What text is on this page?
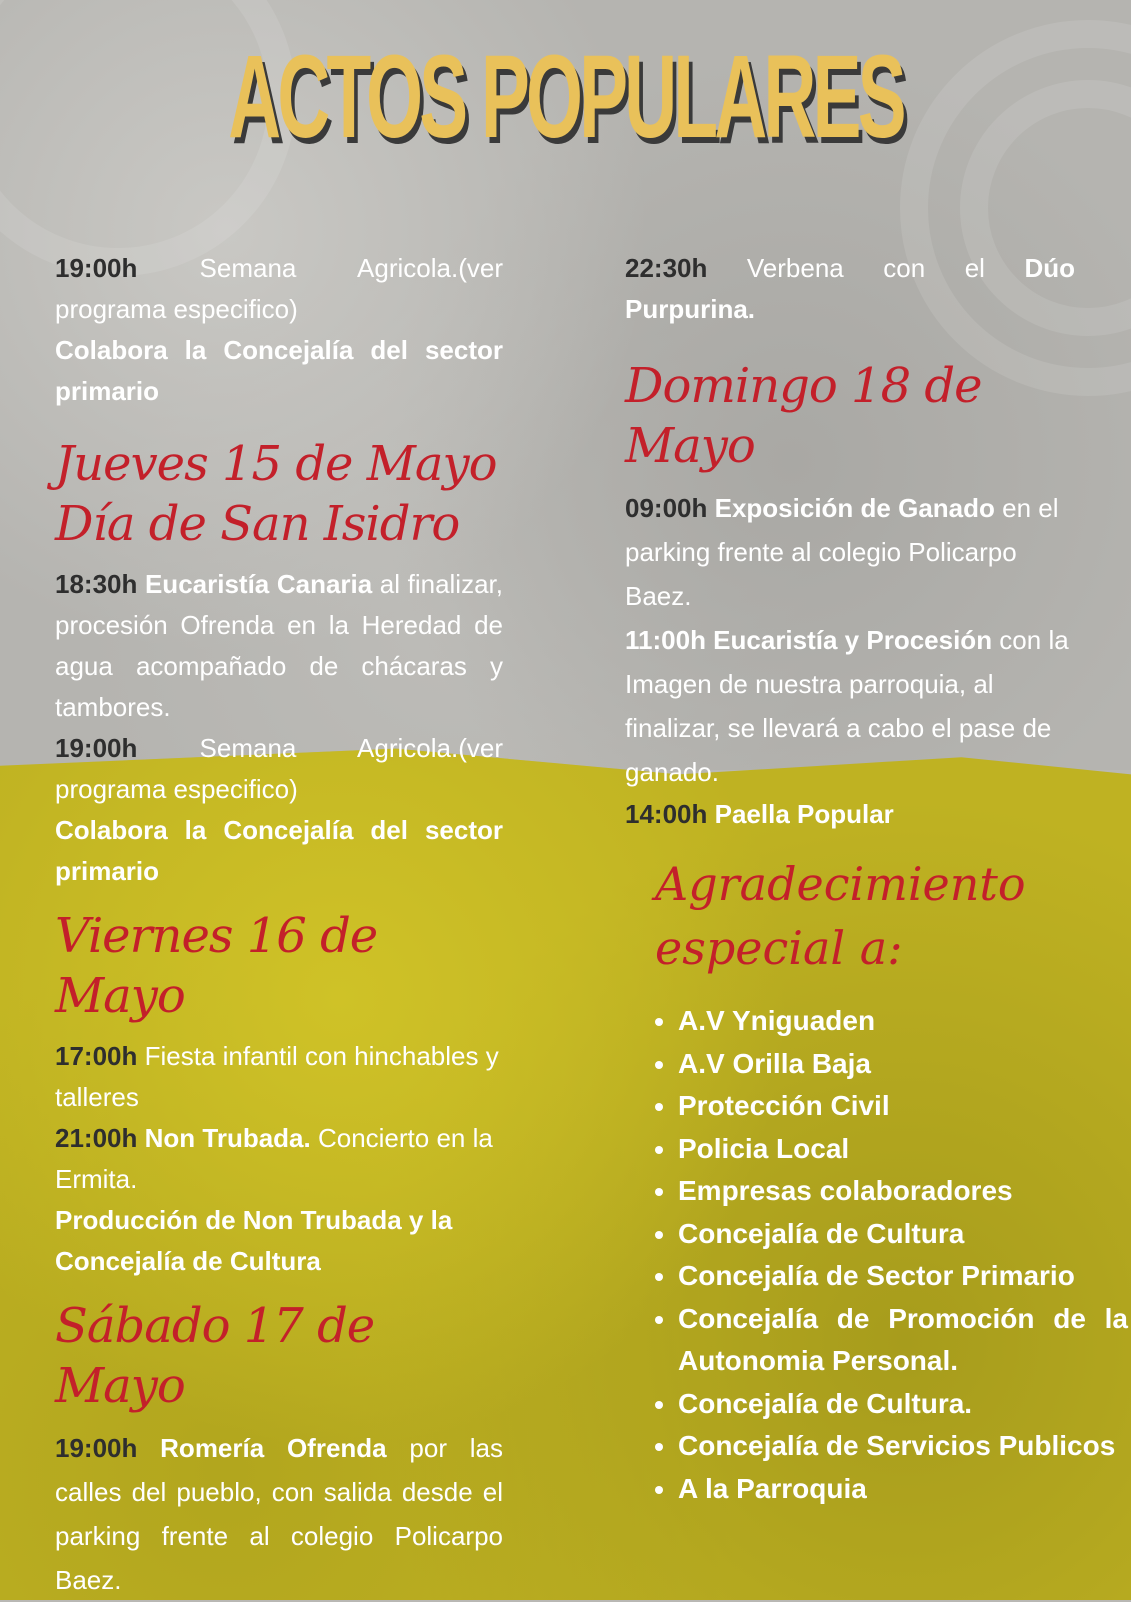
ACTOS POPULARES

19:00h Semana Agricola.(ver programa especifico)

Colabora la Concejalía del sector primario

Jueves 15 de Mayo
Día de San Isidro

18:30h Eucaristía Canaria al finalizar, procesión Ofrenda en la Heredad de agua acompañado de chácaras y tambores.

19:00h Semana Agricola.(ver programa especifico)

Colabora la Concejalía del sector primario

Viernes 16 de Mayo

17:00h Fiesta infantil con hinchables y talleres

21:00h Non Trubada. Concierto en la Ermita.

Producción de Non Trubada y la Concejalía de Cultura

Sábado 17 de Mayo

19:00h Romería Ofrenda por las calles del pueblo, con salida desde el parking frente al colegio Policarpo Baez.

22:30h Verbena con el Dúo Purpurina.

Domingo 18 de Mayo

09:00h Exposición de Ganado en el parking frente al colegio Policarpo Baez.

11:00h Eucaristía y Procesión con la Imagen de nuestra parroquia, al finalizar, se llevará a cabo el pase de ganado.

14:00h Paella Popular

Agradecimiento
especial a:
• A.V Yniguaden
• A.V Orilla Baja
• Protección Civil
• Policia Local
• Empresas colaboradores
• Concejalía de Cultura
• Concejalía de Sector Primario
• Concejalía de Promoción de la Autonomia Personal.
• Concejalía de Cultura.
• Concejalía de Servicios Publicos
• A la Parroquia
